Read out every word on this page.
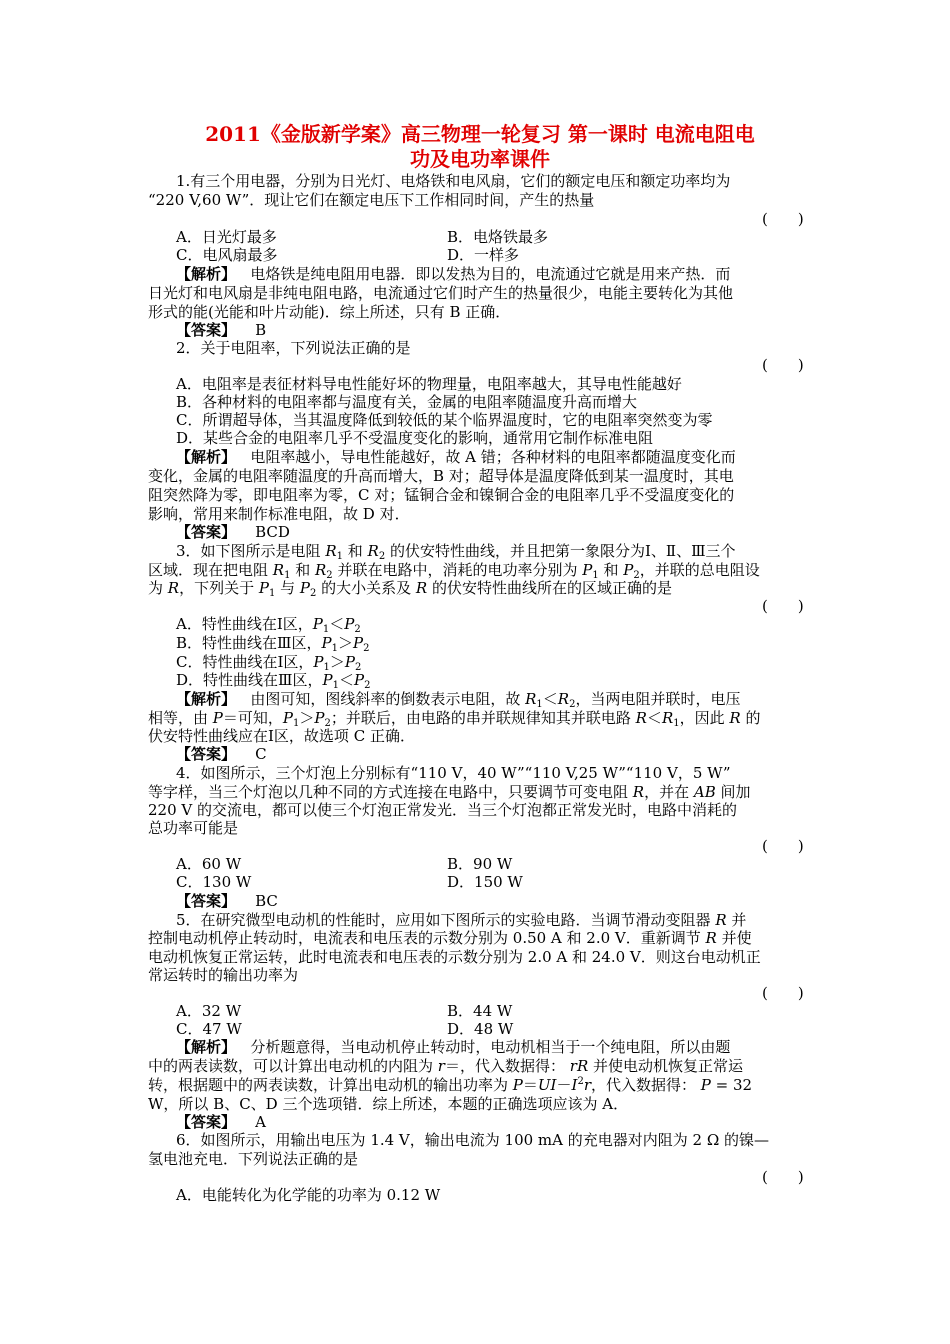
2011《金版新学案》高三物理一轮复习 第一课时 电流电阻电
功及电功率课件
1.有三个用电器，分别为日光灯、电烙铁和电风扇，它们的额定电压和额定功率均为
“220 V,60 W”．现让它们在额定电压下工作相同时间，产生的热量
(　　)
A．日光灯最多	B．电烙铁最多
C．电风扇最多	D．一样多
【解析】 电烙铁是纯电阻用电器．即以发热为目的，电流通过它就是用来产热．而
日光灯和电风扇是非纯电阻电路，电流通过它们时产生的热量很少，电能主要转化为其他
形式的能(光能和叶片动能)．综上所述，只有 B 正确．
【答案】 B
2．关于电阻率，下列说法正确的是
(　　)
A．电阻率是表征材料导电性能好坏的物理量，电阻率越大，其导电性能越好
B．各种材料的电阻率都与温度有关，金属的电阻率随温度升高而增大
C．所谓超导体，当其温度降低到较低的某个临界温度时，它的电阻率突然变为零
D．某些合金的电阻率几乎不受温度变化的影响，通常用它制作标准电阻
【解析】 电阻率越小，导电性能越好，故 A 错；各种材料的电阻率都随温度变化而
变化，金属的电阻率随温度的升高而增大，B 对；超导体是温度降低到某一温度时，其电
阻突然降为零，即电阻率为零，C 对；锰铜合金和镍铜合金的电阻率几乎不受温度变化的
影响，常用来制作标准电阻，故 D 对．
【答案】 BCD
3．如下图所示是电阻 $R_1$ 和 $R_2$ 的伏安特性曲线，并且把第一象限分为Ⅰ、Ⅱ、Ⅲ三个
区域．现在把电阻 $R_1$ 和 $R_2$ 并联在电路中，消耗的电功率分别为 $P_1$ 和 $P_2$，并联的总电阻设
为 R，下列关于 $P_1$ 与 $P_2$ 的大小关系及 R 的伏安特性曲线所在的区域正确的是
(　　)
A．特性曲线在Ⅰ区，$P_1<P_2$
B．特性曲线在Ⅲ区，$P_1>P_2$
C．特性曲线在Ⅰ区，$P_1>P_2$
D．特性曲线在Ⅲ区，$P_1<P_2$
【解析】   由图可知，图线斜率的倒数表示电阻，故 $R_1<R_2$，当两电阻并联时，电压
相等，由 P＝可知，$P_1>P_2$；并联后，由电路的串并联规律知其并联电路 $R<R_1$，因此 R 的
伏安特性曲线应在Ⅰ区，故选项 C 正确．
【答案】 C
4．如图所示，三个灯泡上分别标有“110 V，40 W”“110 V,25 W”“110 V，5 W”
等字样，当三个灯泡以几种不同的方式连接在电路中，只要调节可变电阻 R，并在 AB 间加
220 V 的交流电，都可以使三个灯泡正常发光．当三个灯泡都正常发光时，电路中消耗的
总功率可能是
(　　)
A．60 W	B．90 W
C．130 W	D．150 W
【答案】 BC
5．在研究微型电动机的性能时，应用如下图所示的实验电路．当调节滑动变阻器 R 并
控制电动机停止转动时，电流表和电压表的示数分别为 0.50 A 和 2.0 V．重新调节 R 并使
电动机恢复正常运转，此时电流表和电压表的示数分别为 2.0 A 和 24.0 V．则这台电动机正
常运转时的输出功率为
(　　)
A．32 W	B．44 W
C．47 W	D．48 W
【解析】 分析题意得，当电动机停止转动时，电动机相当于一个纯电阻，所以由题
中的两表读数，可以计算出电动机的内阻为 r＝，代入数据得： rR 并使电动机恢复正常运
转，根据题中的两表读数，计算出电动机的输出功率为 $P=UI-I^2r$，代入数据得： P = 32
W，所以 B、C、D 三个选项错．综上所述，本题的正确选项应该为 A．
【答案】 A
6．如图所示，用输出电压为 1.4 V，输出电流为 100 mA 的充电器对内阻为 2 Ω 的镍—
氢电池充电．下列说法正确的是
(　　)
A．电能转化为化学能的功率为 0.12 W
